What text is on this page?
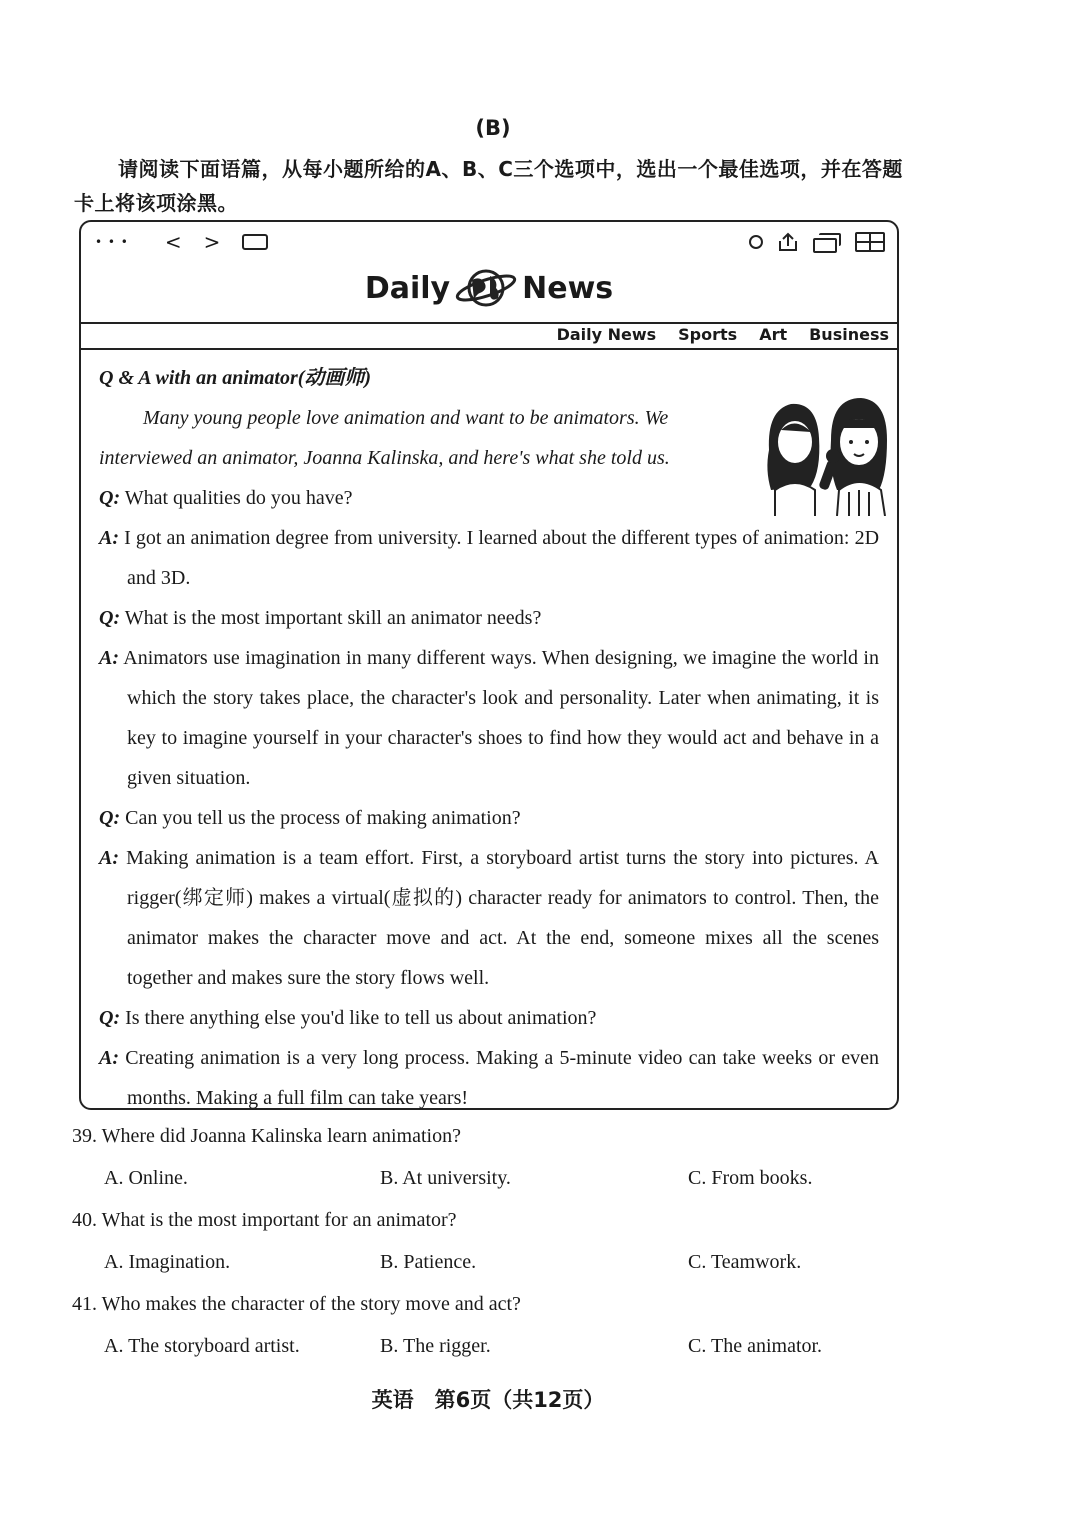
(B)
请阅读下面语篇，从每小题所给的A、B、C三个选项中，选出一个最佳选项，并在答题卡上将该项涂黑。
• • • < >
Daily News
Daily News Sports Art Business

Q & A with an animator(动画师)

Many young people love animation and want to be animators. We interviewed an animator, Joanna Kalinska, and here's what she told us.

Q: What qualities do you have?

A: I got an animation degree from university. I learned about the different types of animation: 2D and 3D.

Q: What is the most important skill an animator needs?

A: Animators use imagination in many different ways. When designing, we imagine the world in which the story takes place, the character's look and personality. Later when animating, it is key to imagine yourself in your character's shoes to find how they would act and behave in a given situation.

Q: Can you tell us the process of making animation?

A: Making animation is a team effort. First, a storyboard artist turns the story into pictures. A rigger(绑定师) makes a virtual(虚拟的) character ready for animators to control. Then, the animator makes the character move and act. At the end, someone mixes all the scenes together and makes sure the story flows well.

Q: Is there anything else you'd like to tell us about animation?

A: Creating animation is a very long process. Making a 5-minute video can take weeks or even months. Making a full film can take years!

39. Where did Joanna Kalinska learn animation?
A. Online.	B. At university.	C. From books.
40. What is the most important for an animator?
A. Imagination.	B. Patience.	C. Teamwork.
41. Who makes the character of the story move and act?
A. The storyboard artist.	B. The rigger.	C. The animator.
英语　第6页（共12页）
